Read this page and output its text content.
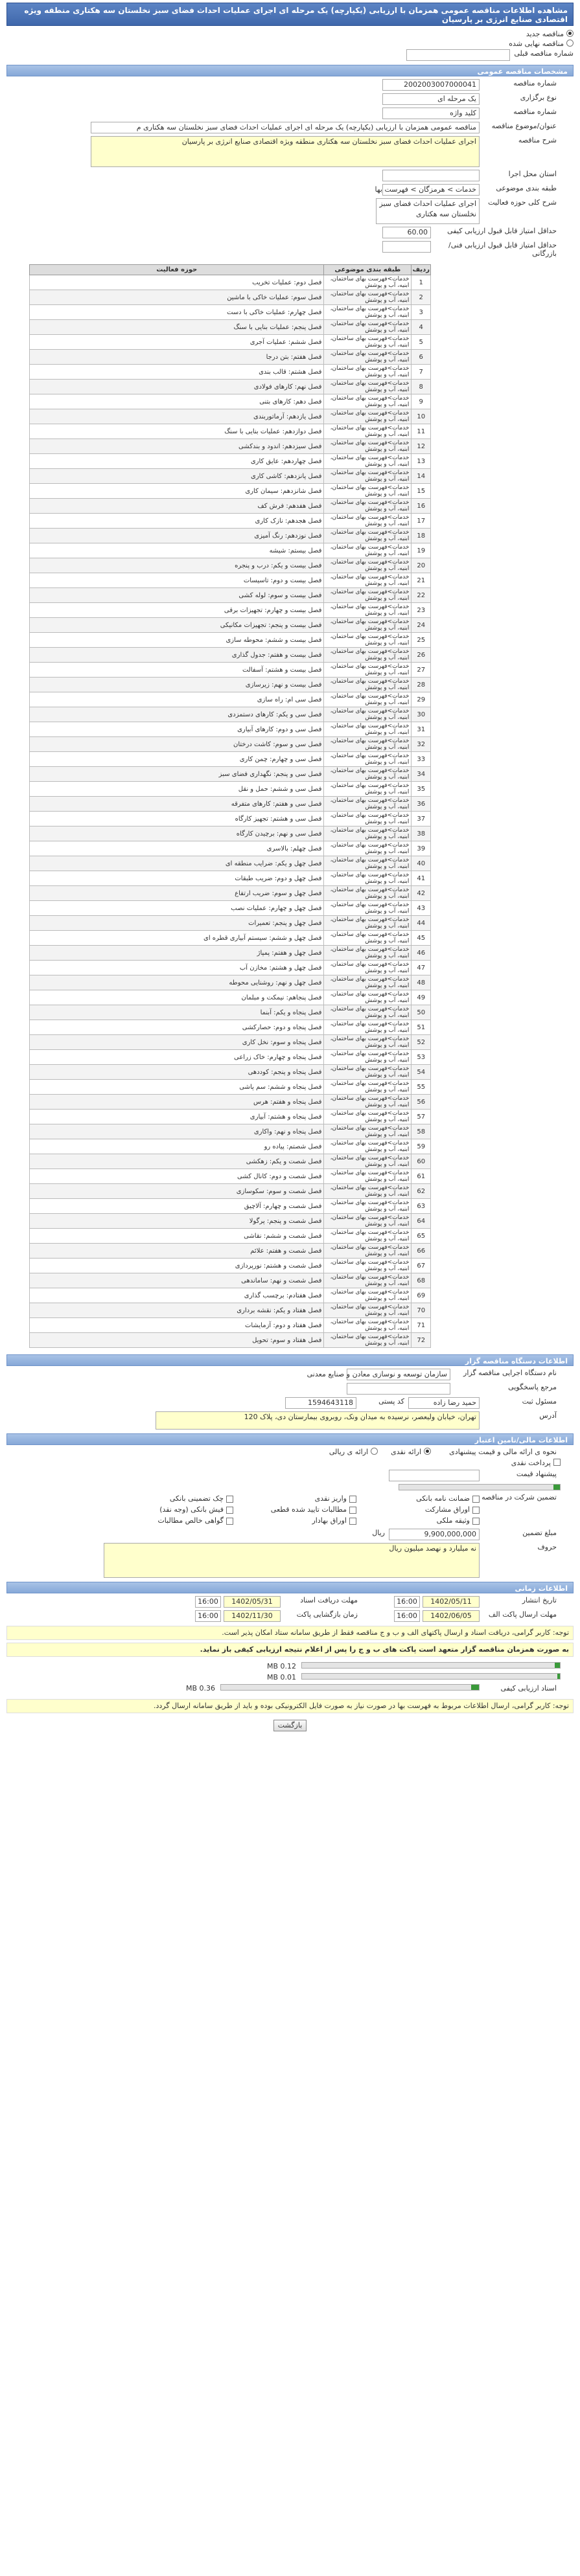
مشاهده اطلاعات مناقصه عمومی همزمان با ارزیابی (یکپارچه) یک مرحله ای اجرای عملیات احداث فضای سبز نخلستان سه هکتاری منطقه ویژه اقتصادی صنایع انرژی بر پارسیان
مناقصه جدید
مناقصه نهایی شده
شماره مناقصه قبلی
مشخصات مناقصه عمومی
شماره مناقصه
2002003007000041
نوع برگزاری
یک مرحله ای
شماره مناقصه
کلید واژه
عنوان/موضوع مناقصه
مناقصه عمومی همزمان با ارزیابی (یکپارچه) یک مرحله ای اجرای عملیات احداث فضای سبز نخلستان سه هکتاری م
شرح مناقصه
اجرای عملیات احداث فضای سبز نخلستان سه هکتاری منطقه ویژه اقتصادی صنایع انرژی بر پارسیان
استان محل اجرا
طبقه بندی موضوعی
خدمات > هرمزگان > فهرست بها
شرح کلی حوزه فعالیت
اجرای عملیات احداث فضای سبز نخلستان سه هکتاری
حداقل امتیاز قابل قبول ارزیابی کیفی
60.00
حداقل امتیاز قابل قبول ارزیابی فنی/بازرگانی
ردیف	طبقه بندی موضوعی	حوزه فعالیت
1	خدمات>فهرست بهای ساختمان، ابنیه، آب و پوشش	فصل دوم: عملیات تخریب
2	خدمات>فهرست بهای ساختمان، ابنیه، آب و پوشش	فصل سوم: عملیات خاکی با ماشین
3	خدمات>فهرست بهای ساختمان، ابنیه، آب و پوشش	فصل چهارم: عملیات خاکی با دست
4	خدمات>فهرست بهای ساختمان، ابنیه، آب و پوشش	فصل پنجم: عملیات بنایی با سنگ
5	خدمات>فهرست بهای ساختمان، ابنیه، آب و پوشش	فصل ششم: عملیات آجری
6	خدمات>فهرست بهای ساختمان، ابنیه، آب و پوشش	فصل هفتم: بتن درجا
7	خدمات>فهرست بهای ساختمان، ابنیه، آب و پوشش	فصل هشتم: قالب بندی
8	خدمات>فهرست بهای ساختمان، ابنیه، آب و پوشش	فصل نهم: کارهای فولادی
9	خدمات>فهرست بهای ساختمان، ابنیه، آب و پوشش	فصل دهم: کارهای بتنی
10	خدمات>فهرست بهای ساختمان، ابنیه، آب و پوشش	فصل یازدهم: آرماتوربندی
11	خدمات>فهرست بهای ساختمان، ابنیه، آب و پوشش	فصل دوازدهم: عملیات بنایی با سنگ
12	خدمات>فهرست بهای ساختمان، ابنیه، آب و پوشش	فصل سیزدهم: اندود و بندکشی
13	خدمات>فهرست بهای ساختمان، ابنیه، آب و پوشش	فصل چهاردهم: عایق کاری
14	خدمات>فهرست بهای ساختمان، ابنیه، آب و پوشش	فصل پانزدهم: کاشی کاری
15	خدمات>فهرست بهای ساختمان، ابنیه، آب و پوشش	فصل شانزدهم: سیمان کاری
16	خدمات>فهرست بهای ساختمان، ابنیه، آب و پوشش	فصل هفدهم: فرش کف
17	خدمات>فهرست بهای ساختمان، ابنیه، آب و پوشش	فصل هجدهم: نازک کاری
18	خدمات>فهرست بهای ساختمان، ابنیه، آب و پوشش	فصل نوزدهم: رنگ آمیزی
19	خدمات>فهرست بهای ساختمان، ابنیه، آب و پوشش	فصل بیستم: شیشه
20	خدمات>فهرست بهای ساختمان، ابنیه، آب و پوشش	فصل بیست و یکم: درب و پنجره
21	خدمات>فهرست بهای ساختمان، ابنیه، آب و پوشش	فصل بیست و دوم: تاسیسات
22	خدمات>فهرست بهای ساختمان، ابنیه، آب و پوشش	فصل بیست و سوم: لوله کشی
23	خدمات>فهرست بهای ساختمان، ابنیه، آب و پوشش	فصل بیست و چهارم: تجهیزات برقی
24	خدمات>فهرست بهای ساختمان، ابنیه، آب و پوشش	فصل بیست و پنجم: تجهیزات مکانیکی
25	خدمات>فهرست بهای ساختمان، ابنیه، آب و پوشش	فصل بیست و ششم: محوطه سازی
26	خدمات>فهرست بهای ساختمان، ابنیه، آب و پوشش	فصل بیست و هفتم: جدول گذاری
27	خدمات>فهرست بهای ساختمان، ابنیه، آب و پوشش	فصل بیست و هشتم: آسفالت
28	خدمات>فهرست بهای ساختمان، ابنیه، آب و پوشش	فصل بیست و نهم: زیرسازی
29	خدمات>فهرست بهای ساختمان، ابنیه، آب و پوشش	فصل سی ام: راه سازی
30	خدمات>فهرست بهای ساختمان، ابنیه، آب و پوشش	فصل سی و یکم: کارهای دستمزدی
31	خدمات>فهرست بهای ساختمان، ابنیه، آب و پوشش	فصل سی و دوم: کارهای آبیاری
32	خدمات>فهرست بهای ساختمان، ابنیه، آب و پوشش	فصل سی و سوم: کاشت درختان
33	خدمات>فهرست بهای ساختمان، ابنیه، آب و پوشش	فصل سی و چهارم: چمن کاری
34	خدمات>فهرست بهای ساختمان، ابنیه، آب و پوشش	فصل سی و پنجم: نگهداری فضای سبز
35	خدمات>فهرست بهای ساختمان، ابنیه، آب و پوشش	فصل سی و ششم: حمل و نقل
36	خدمات>فهرست بهای ساختمان، ابنیه، آب و پوشش	فصل سی و هفتم: کارهای متفرقه
37	خدمات>فهرست بهای ساختمان، ابنیه، آب و پوشش	فصل سی و هشتم: تجهیز کارگاه
38	خدمات>فهرست بهای ساختمان، ابنیه، آب و پوشش	فصل سی و نهم: برچیدن کارگاه
39	خدمات>فهرست بهای ساختمان، ابنیه، آب و پوشش	فصل چهلم: بالاسری
40	خدمات>فهرست بهای ساختمان، ابنیه، آب و پوشش	فصل چهل و یکم: ضرایب منطقه ای
41	خدمات>فهرست بهای ساختمان، ابنیه، آب و پوشش	فصل چهل و دوم: ضریب طبقات
42	خدمات>فهرست بهای ساختمان، ابنیه، آب و پوشش	فصل چهل و سوم: ضریب ارتفاع
43	خدمات>فهرست بهای ساختمان، ابنیه، آب و پوشش	فصل چهل و چهارم: عملیات نصب
44	خدمات>فهرست بهای ساختمان، ابنیه، آب و پوشش	فصل چهل و پنجم: تعمیرات
45	خدمات>فهرست بهای ساختمان، ابنیه، آب و پوشش	فصل چهل و ششم: سیستم آبیاری قطره ای
46	خدمات>فهرست بهای ساختمان، ابنیه، آب و پوشش	فصل چهل و هفتم: پمپاژ
47	خدمات>فهرست بهای ساختمان، ابنیه، آب و پوشش	فصل چهل و هشتم: مخازن آب
48	خدمات>فهرست بهای ساختمان، ابنیه، آب و پوشش	فصل چهل و نهم: روشنایی محوطه
49	خدمات>فهرست بهای ساختمان، ابنیه، آب و پوشش	فصل پنجاهم: نیمکت و مبلمان
50	خدمات>فهرست بهای ساختمان، ابنیه، آب و پوشش	فصل پنجاه و یکم: آبنما
51	خدمات>فهرست بهای ساختمان، ابنیه، آب و پوشش	فصل پنجاه و دوم: حصارکشی
52	خدمات>فهرست بهای ساختمان، ابنیه، آب و پوشش	فصل پنجاه و سوم: نخل کاری
53	خدمات>فهرست بهای ساختمان، ابنیه، آب و پوشش	فصل پنجاه و چهارم: خاک زراعی
54	خدمات>فهرست بهای ساختمان، ابنیه، آب و پوشش	فصل پنجاه و پنجم: کوددهی
55	خدمات>فهرست بهای ساختمان، ابنیه، آب و پوشش	فصل پنجاه و ششم: سم پاشی
56	خدمات>فهرست بهای ساختمان، ابنیه، آب و پوشش	فصل پنجاه و هفتم: هرس
57	خدمات>فهرست بهای ساختمان، ابنیه، آب و پوشش	فصل پنجاه و هشتم: آبیاری
58	خدمات>فهرست بهای ساختمان، ابنیه، آب و پوشش	فصل پنجاه و نهم: واکاری
59	خدمات>فهرست بهای ساختمان، ابنیه، آب و پوشش	فصل شصتم: پیاده رو
60	خدمات>فهرست بهای ساختمان، ابنیه، آب و پوشش	فصل شصت و یکم: زهکشی
61	خدمات>فهرست بهای ساختمان، ابنیه، آب و پوشش	فصل شصت و دوم: کانال کشی
62	خدمات>فهرست بهای ساختمان، ابنیه، آب و پوشش	فصل شصت و سوم: سکوسازی
63	خدمات>فهرست بهای ساختمان، ابنیه، آب و پوشش	فصل شصت و چهارم: آلاچیق
64	خدمات>فهرست بهای ساختمان، ابنیه، آب و پوشش	فصل شصت و پنجم: پرگولا
65	خدمات>فهرست بهای ساختمان، ابنیه، آب و پوشش	فصل شصت و ششم: نقاشی
66	خدمات>فهرست بهای ساختمان، ابنیه، آب و پوشش	فصل شصت و هفتم: علائم
67	خدمات>فهرست بهای ساختمان، ابنیه، آب و پوشش	فصل شصت و هشتم: نورپردازی
68	خدمات>فهرست بهای ساختمان، ابنیه، آب و پوشش	فصل شصت و نهم: ساماندهی
69	خدمات>فهرست بهای ساختمان، ابنیه، آب و پوشش	فصل هفتادم: برچسب گذاری
70	خدمات>فهرست بهای ساختمان، ابنیه، آب و پوشش	فصل هفتاد و یکم: نقشه برداری
71	خدمات>فهرست بهای ساختمان، ابنیه، آب و پوشش	فصل هفتاد و دوم: آزمایشات
72	خدمات>فهرست بهای ساختمان، ابنیه، آب و پوشش	فصل هفتاد و سوم: تحویل
اطلاعات دستگاه مناقصه گزار
نام دستگاه اجرایی مناقصه گزار
سازمان توسعه و نوسازی معادن و صنایع معدنی
مرجع پاسخگویی
مسئول ثبت
حمید رضا زاده
کد پستی
1594643118
آدرس
تهران، خیابان ولیعصر، نرسیده به میدان ونک، روبروی بیمارستان دی، پلاک 120
اطلاعات مالی/تامین اعتبار
نحوه ی ارائه مالی و قیمت پیشنهادی
ارائه نقدی
ارائه ی ریالی
پرداخت نقدی
پیشنهاد قیمت
تضمین شرکت در مناقصه
ضمانت نامه بانکی
واریز نقدی
چک تضمینی بانکی
اوراق مشارکت
مطالبات تایید شده قطعی
فیش بانکی (وجه نقد)
وثیقه ملکی
اوراق بهادار
گواهی خالص مطالبات
مبلغ تضمین
9,900,000,000
ریال
حروف
نه میلیارد و نهصد میلیون ریال
اطلاعات زمانی
تاریخ انتشار
1402/05/11
16:00
مهلت دریافت اسناد
1402/05/31
16:00
مهلت ارسال پاکت الف
1402/06/05
16:00
زمان بازگشایی پاکت
1402/11/30
16:00
توجه: کاربر گرامی، دریافت اسناد و ارسال پاکتهای الف و ب و ج مناقصه فقط از طریق سامانه ستاد امکان پذیر است.
به صورت همزمان مناقصه گزار متعهد است پاکت های ب و ج را پس از اعلام نتیجه ارزیابی کیفی باز نماید.
0.12 MB
0.01 MB
اسناد ارزیابی کیفی
0.36 MB
توجه: کاربر گرامی، ارسال اطلاعات مربوط به فهرست بها در صورت نیاز به صورت فایل الکترونیکی بوده و باید از طریق سامانه ارسال گردد.
بازگشت
